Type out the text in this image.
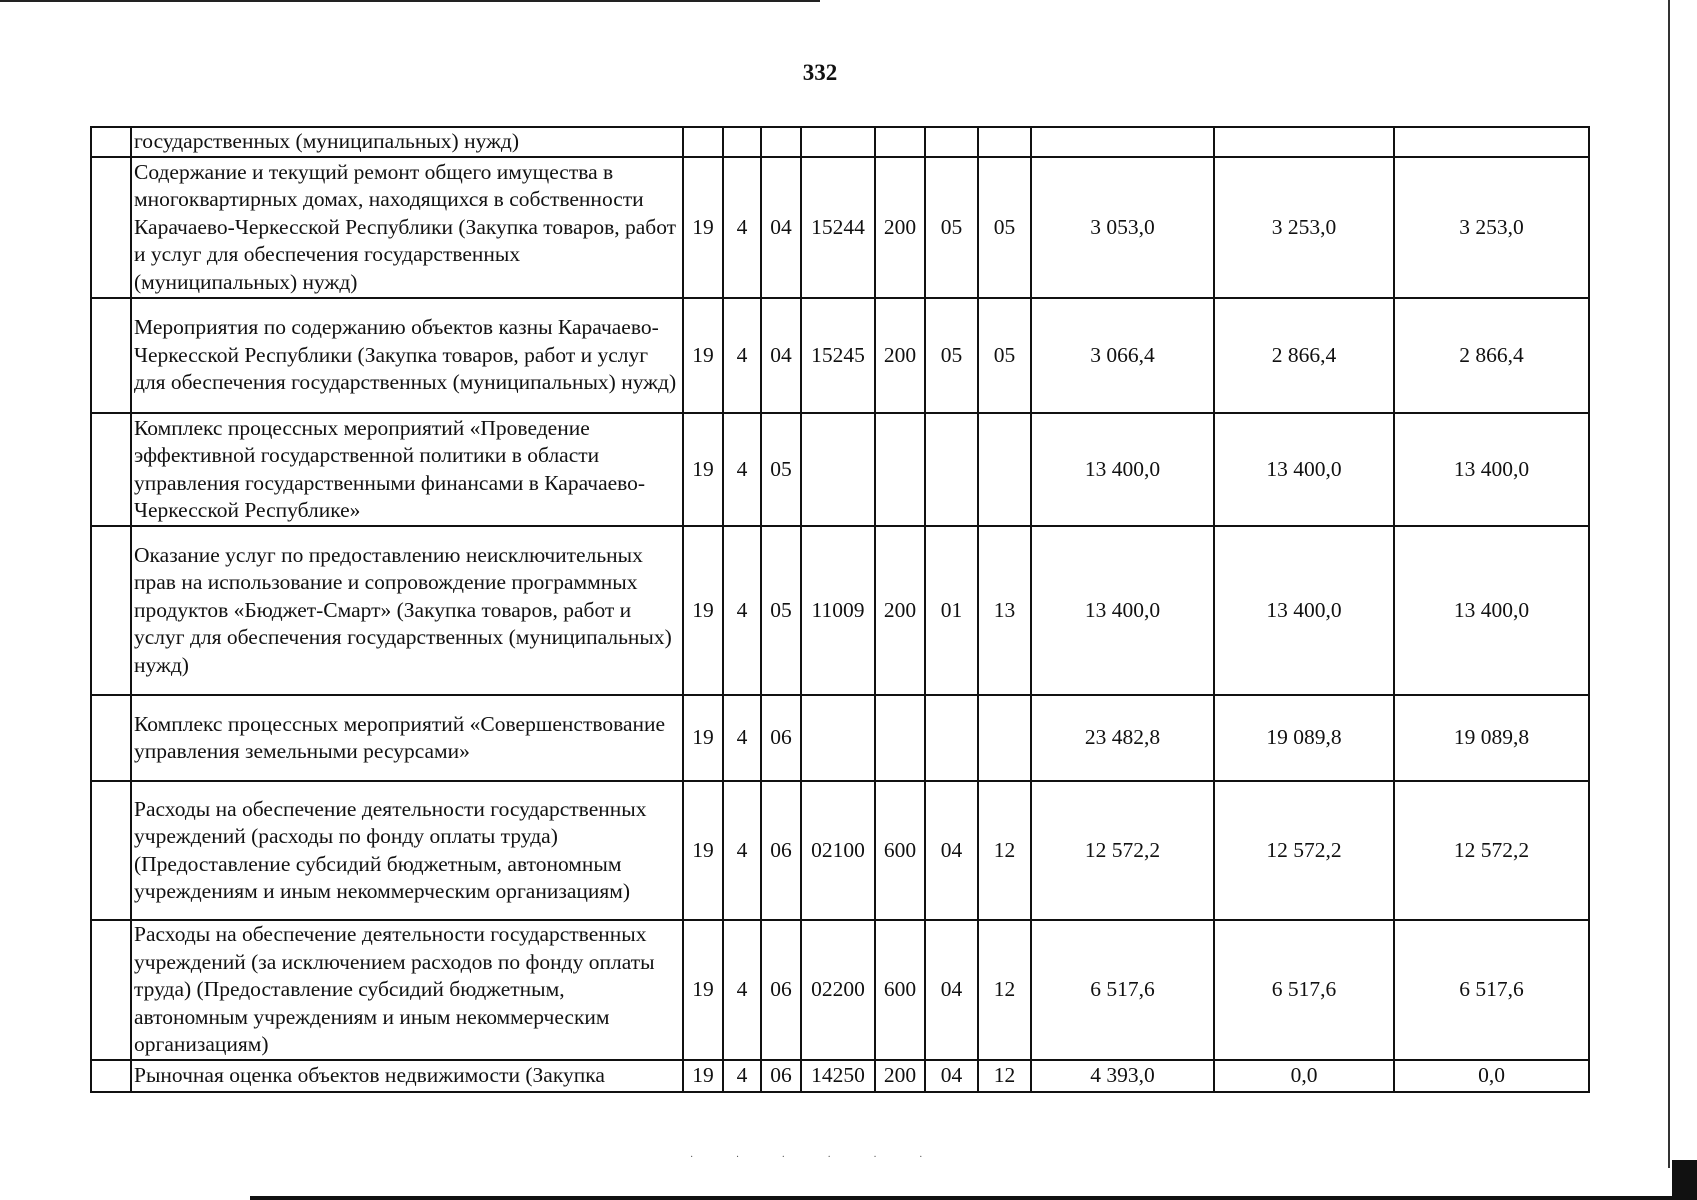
332
	государственных (муниципальных) нужд)										
	Содержание и текущий ремонт общего имущества в многоквартирных домах, находящихся в собственности Карачаево-Черкесской Республики (Закупка товаров, работ и услуг для обеспечения государственных (муниципальных) нужд)	19	4	04	15244	200	05	05	3 053,0	3 253,0	3 253,0
	Мероприятия по содержанию объектов казны Карачаево-Черкесской Республики (Закупка товаров, работ и услуг для обеспечения государственных (муниципальных) нужд)	19	4	04	15245	200	05	05	3 066,4	2 866,4	2 866,4
	Комплекс процессных мероприятий «Проведение эффективной государственной политики в области управления государственными финансами в Карачаево-Черкесской Республике»	19	4	05					13 400,0	13 400,0	13 400,0
	Оказание услуг по предоставлению неисключительных прав на использование и сопровождение программных продуктов «Бюджет-Смарт» (Закупка товаров, работ и услуг для обеспечения государственных (муниципальных) нужд)	19	4	05	11009	200	01	13	13 400,0	13 400,0	13 400,0
	Комплекс процессных мероприятий «Совершенствование управления земельными ресурсами»	19	4	06					23 482,8	19 089,8	19 089,8
	Расходы на обеспечение деятельности государственных учреждений (расходы по фонду оплаты труда) (Предоставление субсидий бюджетным, автономным учреждениям и иным некоммерческим организациям)	19	4	06	02100	600	04	12	12 572,2	12 572,2	12 572,2
	Расходы на обеспечение деятельности государственных учреждений (за исключением расходов по фонду оплаты труда) (Предоставление субсидий бюджетным, автономным учреждениям и иным некоммерческим организациям)	19	4	06	02200	600	04	12	6 517,6	6 517,6	6 517,6
	Рыночная оценка объектов недвижимости (Закупка	19	4	06	14250	200	04	12	4 393,0	0,0	0,0
· · · · · ·
